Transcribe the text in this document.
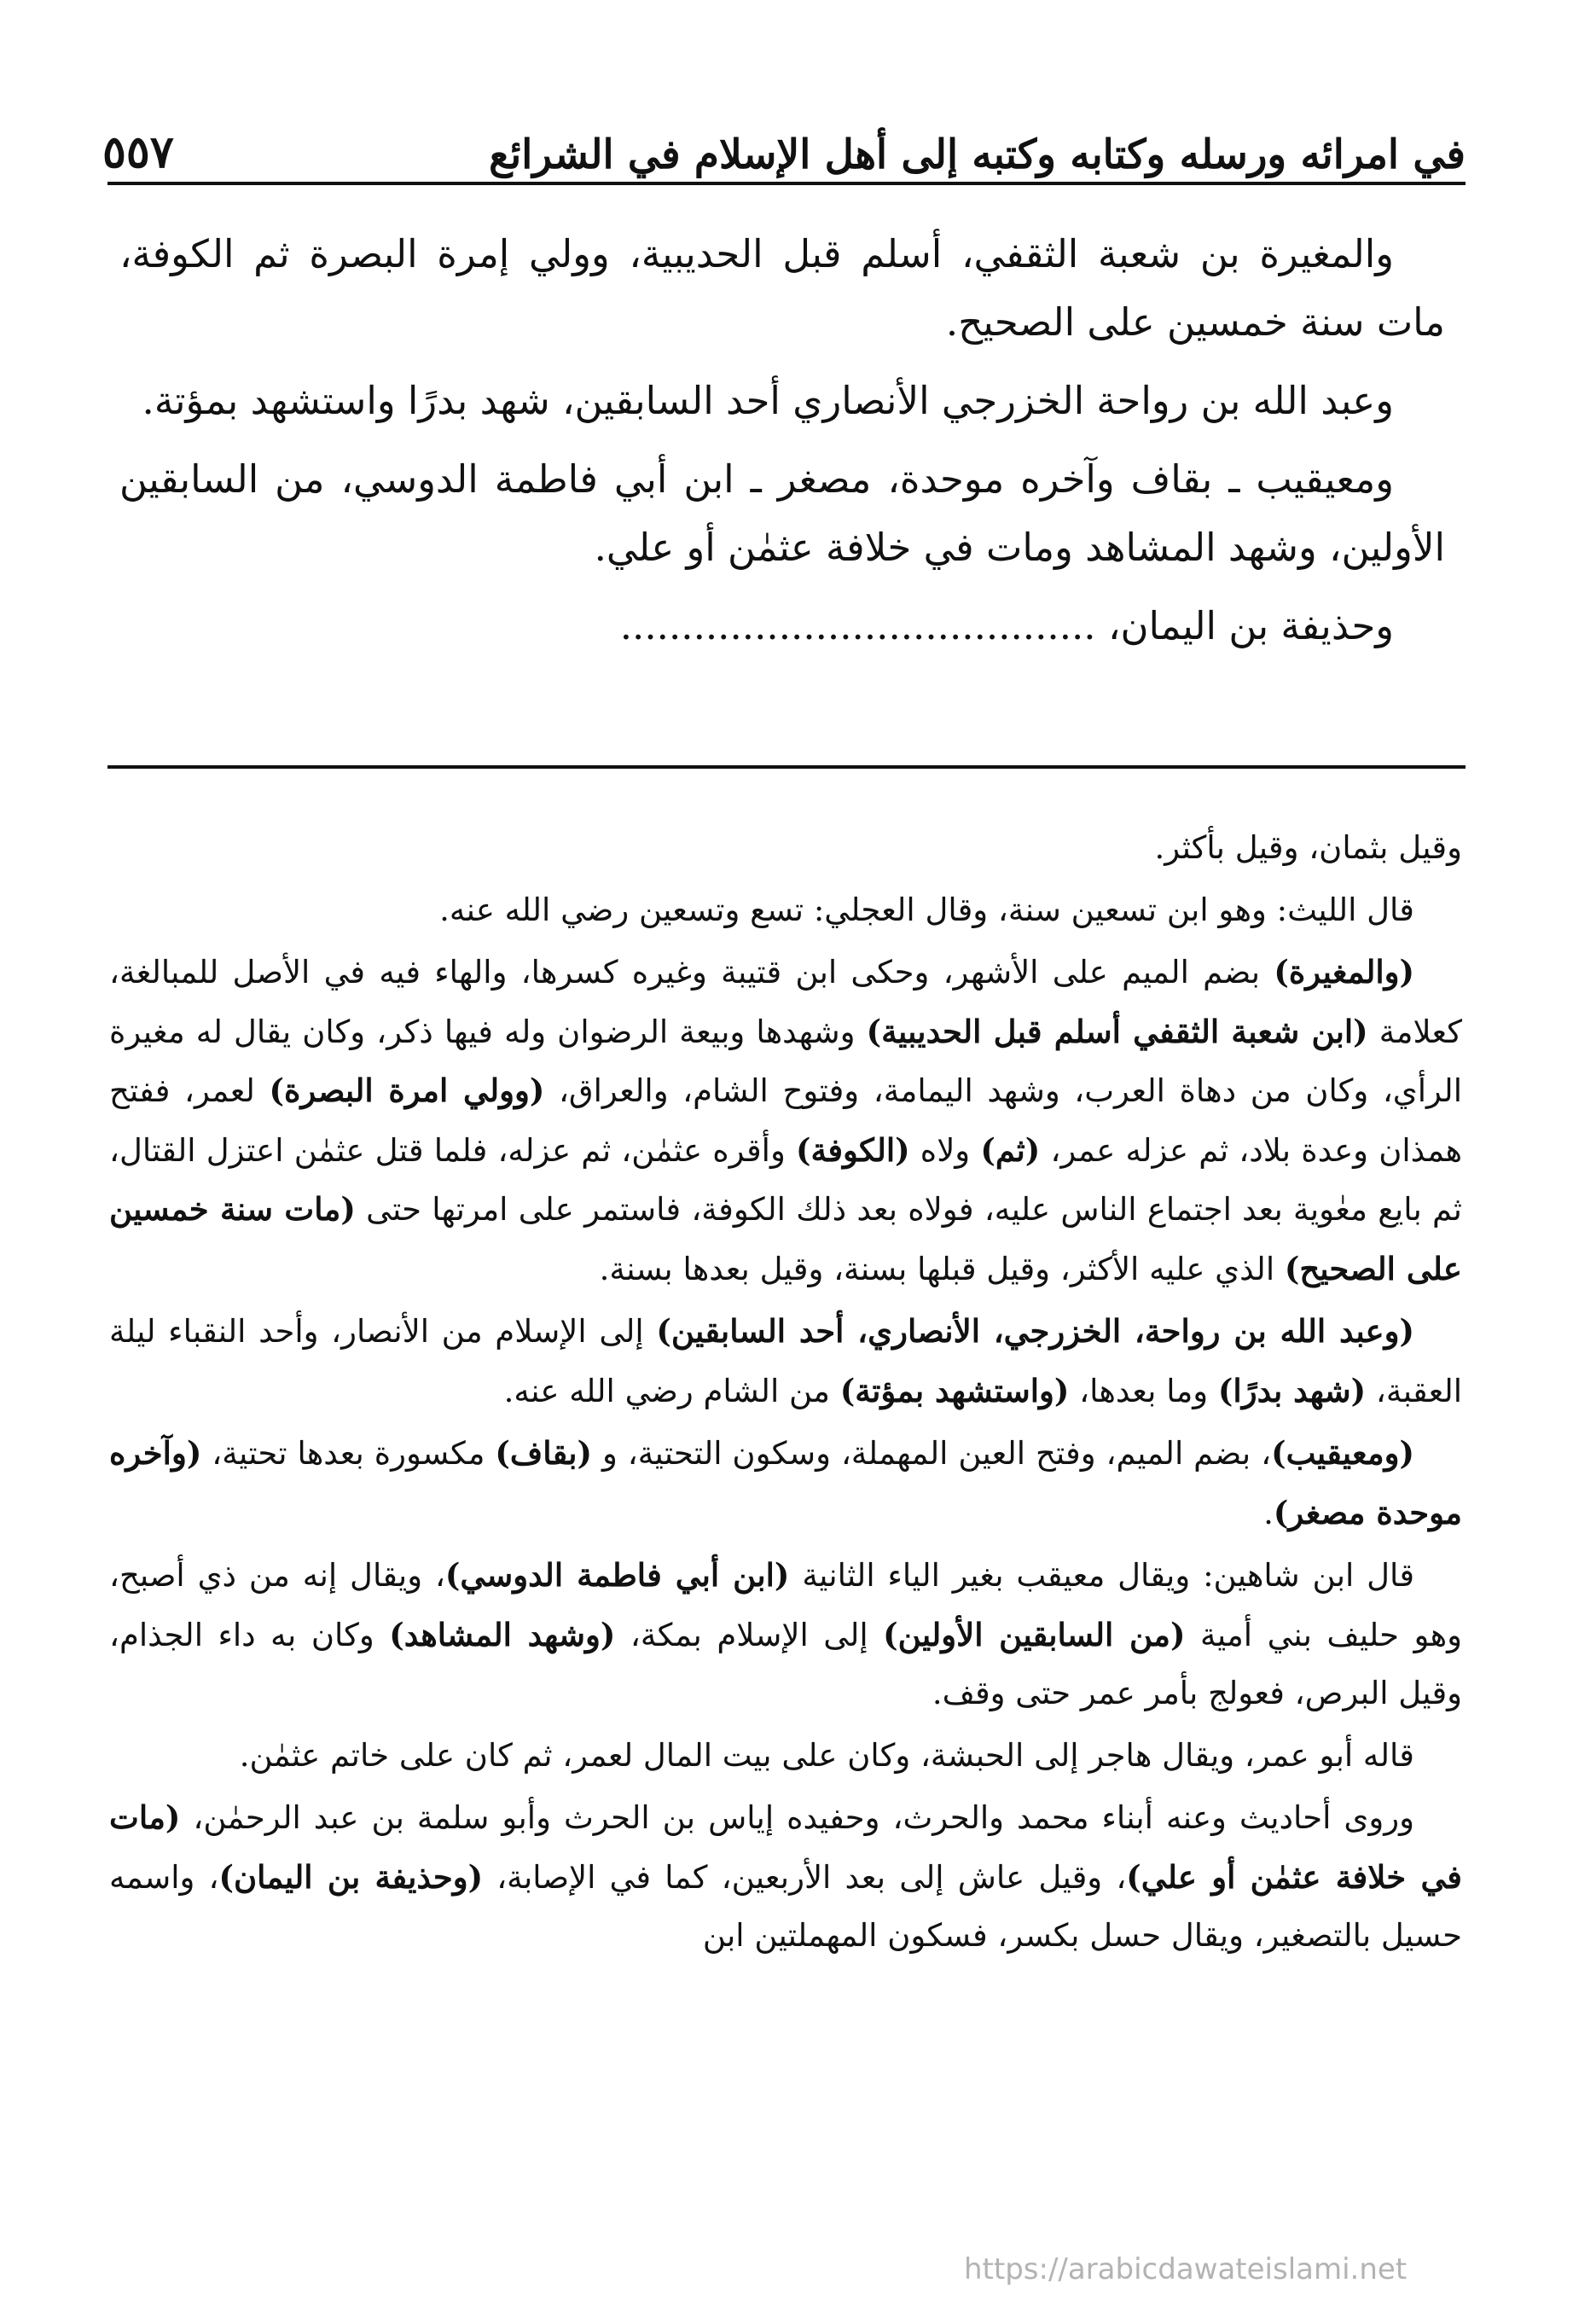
في امرائه ورسله وكتابه وكتبه إلى أهل الإسلام في الشرائع
٥٥٧

والمغيرة بن شعبة الثقفي، أسلم قبل الحديبية، وولي إمرة البصرة ثم الكوفة، مات سنة خمسين على الصحيح.

وعبد الله بن رواحة الخزرجي الأنصاري أحد السابقين، شهد بدرًا واستشهد بمؤتة.

ومعيقيب ـ بقاف وآخره موحدة، مصغر ـ ابن أبي فاطمة الدوسي، من السابقين الأولين، وشهد المشاهد ومات في خلافة عثمٰن أو علي.

وحذيفة بن اليمان، .......................................

وقيل بثمان، وقيل بأكثر.

قال الليث: وهو ابن تسعين سنة، وقال العجلي: تسع وتسعين رضي الله عنه.

(والمغيرة) بضم الميم على الأشهر، وحكى ابن قتيبة وغيره كسرها، والهاء فيه في الأصل للمبالغة، كعلامة (ابن شعبة الثقفي أسلم قبل الحديبية) وشهدها وبيعة الرضوان وله فيها ذكر، وكان يقال له مغيرة الرأي، وكان من دهاة العرب، وشهد اليمامة، وفتوح الشام، والعراق، (وولي امرة البصرة) لعمر، ففتح همذان وعدة بلاد، ثم عزله عمر، (ثم) ولاه (الكوفة) وأقره عثمٰن، ثم عزله، فلما قتل عثمٰن اعتزل القتال، ثم بايع معٰوية بعد اجتماع الناس عليه، فولاه بعد ذلك الكوفة، فاستمر على امرتها حتى (مات سنة خمسين على الصحيح) الذي عليه الأكثر، وقيل قبلها بسنة، وقيل بعدها بسنة.

(وعبد الله بن رواحة، الخزرجي، الأنصاري، أحد السابقين) إلى الإسلام من الأنصار، وأحد النقباء ليلة العقبة، (شهد بدرًا) وما بعدها، (واستشهد بمؤتة) من الشام رضي الله عنه.

(ومعيقيب)، بضم الميم، وفتح العين المهملة، وسكون التحتية، و (بقاف) مكسورة بعدها تحتية، (وآخره موحدة مصغر).

قال ابن شاهين: ويقال معيقب بغير الياء الثانية (ابن أبي فاطمة الدوسي)، ويقال إنه من ذي أصبح، وهو حليف بني أمية (من السابقين الأولين) إلى الإسلام بمكة، (وشهد المشاهد) وكان به داء الجذام، وقيل البرص، فعولج بأمر عمر حتى وقف.

قاله أبو عمر، ويقال هاجر إلى الحبشة، وكان على بيت المال لعمر، ثم كان على خاتم عثمٰن.

وروى أحاديث وعنه أبناء محمد والحرث، وحفيده إياس بن الحرث وأبو سلمة بن عبد الرحمٰن، (مات في خلافة عثمٰن أو علي)، وقيل عاش إلى بعد الأربعين، كما في الإصابة، (وحذيفة بن اليمان)، واسمه حسيل بالتصغير، ويقال حسل بكسر، فسكون المهملتين ابن

https://arabicdawateislami.net
